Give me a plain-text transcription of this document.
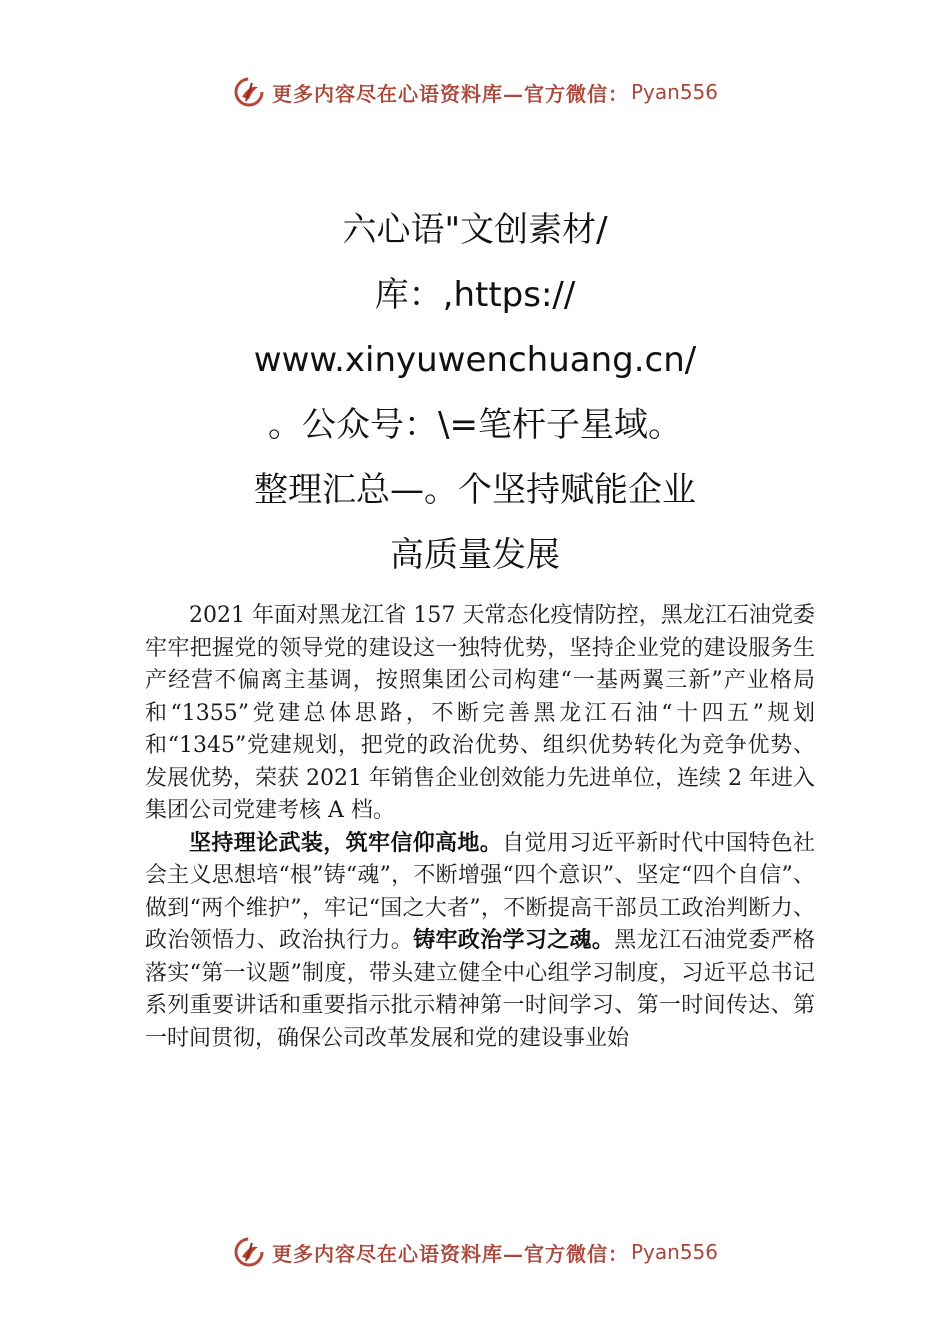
更多内容尽在心语资料库—官方微信： Pyan556
六心语"文创素材/
库：,https://
www.xinyuwenchuang.cn/
。公众号：\=笔杆子星域。
整理汇总—。个坚持赋能企业
高质量发展

2021 年面对黑龙江省 157 天常态化疫情防控，黑龙江石油党委牢牢把握党的领导党的建设这一独特优势，坚持企业党的建设服务生产经营不偏离主基调，按照集团公司构建“一基两翼三新”产业格局和“1355”党建总体思路，不断完善黑龙江石油“十四五”规划和“1345”党建规划，把党的政治优势、组织优势转化为竞争优势、发展优势，荣获 2021 年销售企业创效能力先进单位，连续 2 年进入集团公司党建考核 A 档。

坚持理论武装，筑牢信仰高地。自觉用习近平新时代中国特色社会主义思想培“根”铸“魂”，不断增强“四个意识”、坚定“四个自信”、做到“两个维护”，牢记“国之大者”，不断提高干部员工政治判断力、政治领悟力、政治执行力。铸牢政治学习之魂。黑龙江石油党委严格落实“第一议题”制度，带头建立健全中心组学习制度，习近平总书记系列重要讲话和重要指示批示精神第一时间学习、第一时间传达、第一时间贯彻，确保公司改革发展和党的建设事业始

更多内容尽在心语资料库—官方微信： Pyan556
